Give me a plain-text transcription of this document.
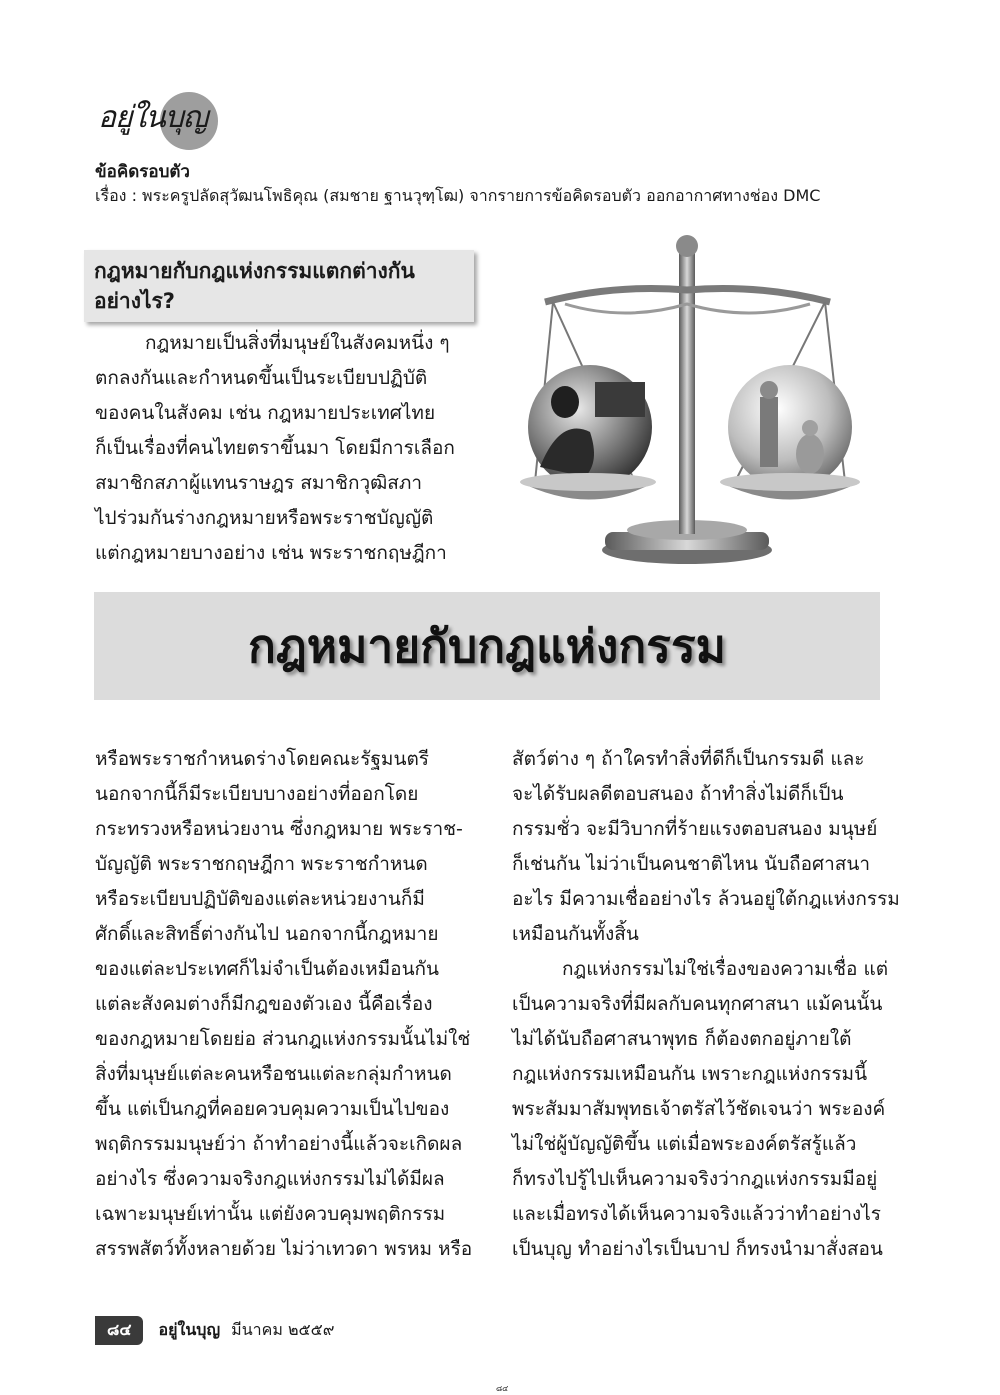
อยู่ในบุญ
ข้อคิดรอบตัว
เรื่อง : พระครูปลัดสุวัฒนโพธิคุณ (สมชาย ฐานวุฑฺโฒ) จากรายการข้อคิดรอบตัว ออกอากาศทางช่อง DMC
กฎหมายกับกฎแห่งกรรมแตกต่างกัน
อย่างไร?
กฎหมายเป็นสิ่งที่มนุษย์ในสังคมหนึ่ง ๆ
ตกลงกันและกำหนดขึ้นเป็นระเบียบปฏิบัติ
ของคนในสังคม เช่น กฎหมายประเทศไทย
ก็เป็นเรื่องที่คนไทยตราขึ้นมา โดยมีการเลือก
สมาชิกสภาผู้แทนราษฎร สมาชิกวุฒิสภา
ไปร่วมกันร่างกฎหมายหรือพระราชบัญญัติ
แต่กฎหมายบางอย่าง เช่น พระราชกฤษฎีกา
กฎหมายกับกฎแห่งกรรม
หรือพระราชกำหนดร่างโดยคณะรัฐมนตรี
นอกจากนี้ก็มีระเบียบบางอย่างที่ออกโดย
กระทรวงหรือหน่วยงาน ซึ่งกฎหมาย พระราช-
บัญญัติ พระราชกฤษฎีกา พระราชกำหนด
หรือระเบียบปฏิบัติของแต่ละหน่วยงานก็มี
ศักดิ์และสิทธิ์ต่างกันไป นอกจากนี้กฎหมาย
ของแต่ละประเทศก็ไม่จำเป็นต้องเหมือนกัน
แต่ละสังคมต่างก็มีกฎของตัวเอง นี้คือเรื่อง
ของกฎหมายโดยย่อ ส่วนกฎแห่งกรรมนั้นไม่ใช่
สิ่งที่มนุษย์แต่ละคนหรือชนแต่ละกลุ่มกำหนด
ขึ้น แต่เป็นกฎที่คอยควบคุมความเป็นไปของ
พฤติกรรมมนุษย์ว่า ถ้าทำอย่างนี้แล้วจะเกิดผล
อย่างไร ซึ่งความจริงกฎแห่งกรรมไม่ได้มีผล
เฉพาะมนุษย์เท่านั้น แต่ยังควบคุมพฤติกรรม
สรรพสัตว์ทั้งหลายด้วย ไม่ว่าเทวดา พรหม หรือ
สัตว์ต่าง ๆ ถ้าใครทำสิ่งที่ดีก็เป็นกรรมดี และ
จะได้รับผลดีตอบสนอง ถ้าทำสิ่งไม่ดีก็เป็น
กรรมชั่ว จะมีวิบากที่ร้ายแรงตอบสนอง มนุษย์
ก็เช่นกัน ไม่ว่าเป็นคนชาติไหน นับถือศาสนา
อะไร มีความเชื่ออย่างไร ล้วนอยู่ใต้กฎแห่งกรรม
เหมือนกันทั้งสิ้น
กฎแห่งกรรมไม่ใช่เรื่องของความเชื่อ แต่
เป็นความจริงที่มีผลกับคนทุกศาสนา แม้คนนั้น
ไม่ได้นับถือศาสนาพุทธ ก็ต้องตกอยู่ภายใต้
กฎแห่งกรรมเหมือนกัน เพราะกฎแห่งกรรมนี้
พระสัมมาสัมพุทธเจ้าตรัสไว้ชัดเจนว่า พระองค์
ไม่ใช่ผู้บัญญัติขึ้น แต่เมื่อพระองค์ตรัสรู้แล้ว
ก็ทรงไปรู้ไปเห็นความจริงว่ากฎแห่งกรรมมีอยู่
และเมื่อทรงได้เห็นความจริงแล้วว่าทำอย่างไร
เป็นบุญ ทำอย่างไรเป็นบาป ก็ทรงนำมาสั่งสอน
๘๔ อยู่ในบุญ มีนาคม ๒๕๕๙
๘๔
